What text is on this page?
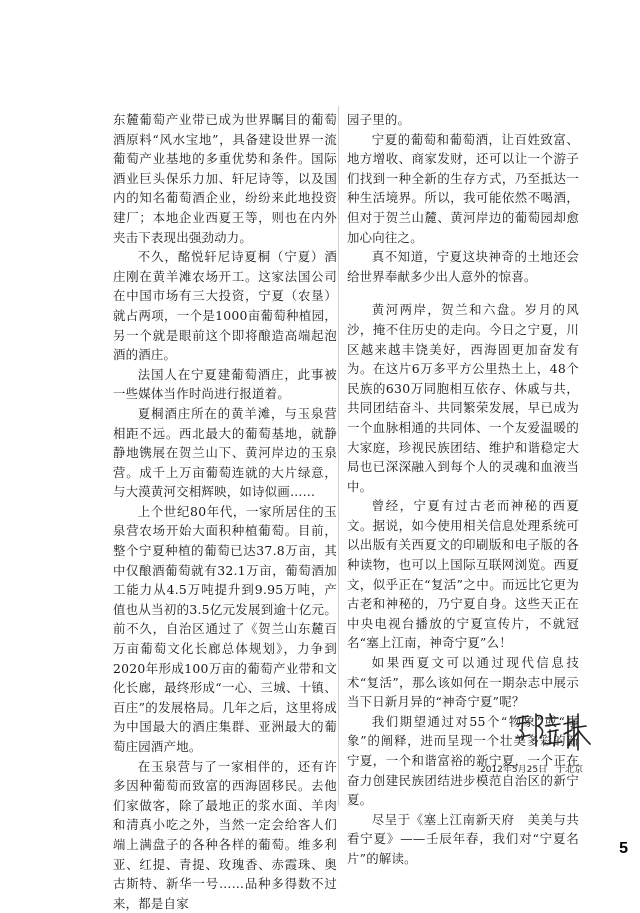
东麓葡萄产业带已成为世界瞩目的葡萄酒原料“风水宝地”，具备建设世界一流葡萄产业基地的多重优势和条件。国际酒业巨头保乐力加、轩尼诗等，以及国内的知名葡萄酒企业，纷纷来此地投资建厂；本地企业西夏王等，则也在内外夹击下表现出强劲动力。

不久，酩悦轩尼诗夏桐（宁夏）酒庄刚在黄羊滩农场开工。这家法国公司在中国市场有三大投资，宁夏（农垦）就占两项，一个是1000亩葡萄种植园，另一个就是眼前这个即将酿造高端起泡酒的酒庄。

法国人在宁夏建葡萄酒庄，此事被一些媒体当作时尚进行报道着。

夏桐酒庄所在的黄羊滩，与玉泉营相距不远。西北最大的葡萄基地，就静静地镌展在贺兰山下、黄河岸边的玉泉营。成千上万亩葡萄连就的大片绿意，与大漠黄河交相辉映，如诗似画……

上个世纪80年代，一家所居住的玉泉营农场开始大面积种植葡萄。目前，整个宁夏种植的葡萄已达37.8万亩，其中仅酿酒葡萄就有32.1万亩，葡萄酒加工能力从4.5万吨提升到9.95万吨，产值也从当初的3.5亿元发展到逾十亿元。前不久，自治区通过了《贺兰山东麓百万亩葡萄文化长廊总体规划》，力争到2020年形成100万亩的葡萄产业带和文化长廊，最终形成“一心、三城、十镇、百庄”的发展格局。几年之后，这里将成为中国最大的酒庄集群、亚洲最大的葡萄庄园酒产地。

在玉泉营与了一家相伴的，还有许多因种葡萄而致富的西海固移民。去他们家做客，除了最地正的浆水面、羊肉和清真小吃之外，当然一定会给客人们端上满盘子的各种各样的葡萄。维多利亚、红提、青提、玫瑰香、赤霞珠、奥古斯特、新华一号……品种多得数不过来，都是自家

园子里的。

宁夏的葡萄和葡萄酒，让百姓致富、地方增收、商家发财，还可以让一个游子们找到一种全新的生存方式，乃至抵达一种生活境界。所以，我可能依然不喝酒，但对于贺兰山麓、黄河岸边的葡萄园却愈加心向往之。

真不知道，宁夏这块神奇的土地还会给世界奉献多少出人意外的惊喜。

黄河两岸，贺兰和六盘。岁月的风沙，掩不住历史的走向。今日之宁夏，川区越来越丰饶美好，西海固更加奋发有为。在这片6万多平方公里热土上，48个民族的630万同胞相互依存、休戚与共，共同团结奋斗、共同繁荣发展，早已成为一个血脉相通的共同体、一个友爱温暖的大家庭，珍视民族团结、维护和谐稳定大局也已深深融入到每个人的灵魂和血液当中。

曾经，宁夏有过古老而神秘的西夏文。据说，如今使用相关信息处理系统可以出版有关西夏文的印刷版和电子版的各种读物，也可以上国际互联网浏览。西夏文，似乎正在“复活”之中。而远比它更为古老和神秘的，乃宁夏自身。这些天正在中央电视台播放的宁夏宣传片，不就冠名“塞上江南，神奇宁夏”么！

如果西夏文可以通过现代信息技术“复活”，那么该如何在一期杂志中展示当下日新月异的“神奇宁夏”呢？

我们期望通过对55个“物象”或“事象”的阐释，进而呈现一个壮美多彩的新宁夏，一个和谐富裕的新宁夏，一个正在奋力创建民族团结进步模范自治区的新宁夏。

尽呈于《塞上江南新天府　美美与共看宁夏》——壬辰年春，我们对“宁夏名片”的解读。

2012年5月25日　于北京
5
